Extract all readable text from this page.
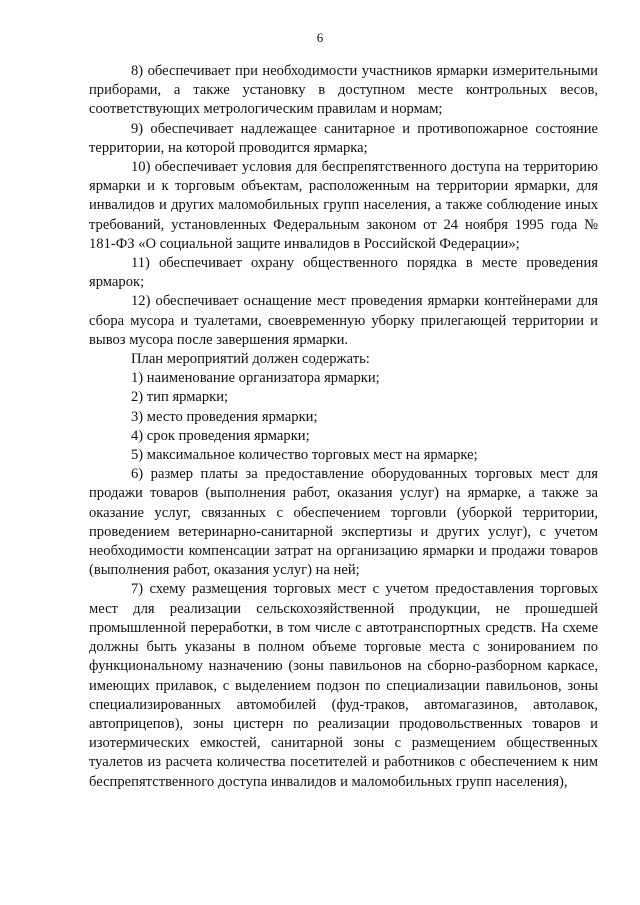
6

8) обеспечивает при необходимости участников ярмарки измерительными приборами, а также установку в доступном месте контрольных весов, соответствующих метрологическим правилам и нормам;

9) обеспечивает надлежащее санитарное и противопожарное состояние территории, на которой проводится ярмарка;

10) обеспечивает условия для беспрепятственного доступа на территорию ярмарки и к торговым объектам, расположенным на территории ярмарки, для инвалидов и других маломобильных групп населения, а также соблюдение иных требований, установленных Федеральным законом от 24 ноября 1995 года № 181-ФЗ «О социальной защите инвалидов в Российской Федерации»;

11) обеспечивает охрану общественного порядка в месте проведения ярмарок;

12) обеспечивает оснащение мест проведения ярмарки контейнерами для сбора мусора и туалетами, своевременную уборку прилегающей территории и вывоз мусора после завершения ярмарки.

План мероприятий должен содержать:

1) наименование организатора ярмарки;

2) тип ярмарки;

3) место проведения ярмарки;

4) срок проведения ярмарки;

5) максимальное количество торговых мест на ярмарке;

6) размер платы за предоставление оборудованных торговых мест для продажи товаров (выполнения работ, оказания услуг) на ярмарке, а также за оказание услуг, связанных с обеспечением торговли (уборкой территории, проведением ветеринарно-санитарной экспертизы и других услуг), с учетом необходимости компенсации затрат на организацию ярмарки и продажи товаров (выполнения работ, оказания услуг) на ней;

7) схему размещения торговых мест с учетом предоставления торговых мест для реализации сельскохозяйственной продукции, не прошедшей промышленной переработки, в том числе с автотранспортных средств. На схеме должны быть указаны в полном объеме торговые места с зонированием по функциональному назначению (зоны павильонов на сборно-разборном каркасе, имеющих прилавок, с выделением подзон по специализации павильонов, зоны специализированных автомобилей (фуд-траков, автомагазинов, автолавок, автоприцепов), зоны цистерн по реализации продовольственных товаров и изотермических емкостей, санитарной зоны с размещением общественных туалетов из расчета количества посетителей и работников с обеспечением к ним беспрепятственного доступа инвалидов и маломобильных групп населения),
